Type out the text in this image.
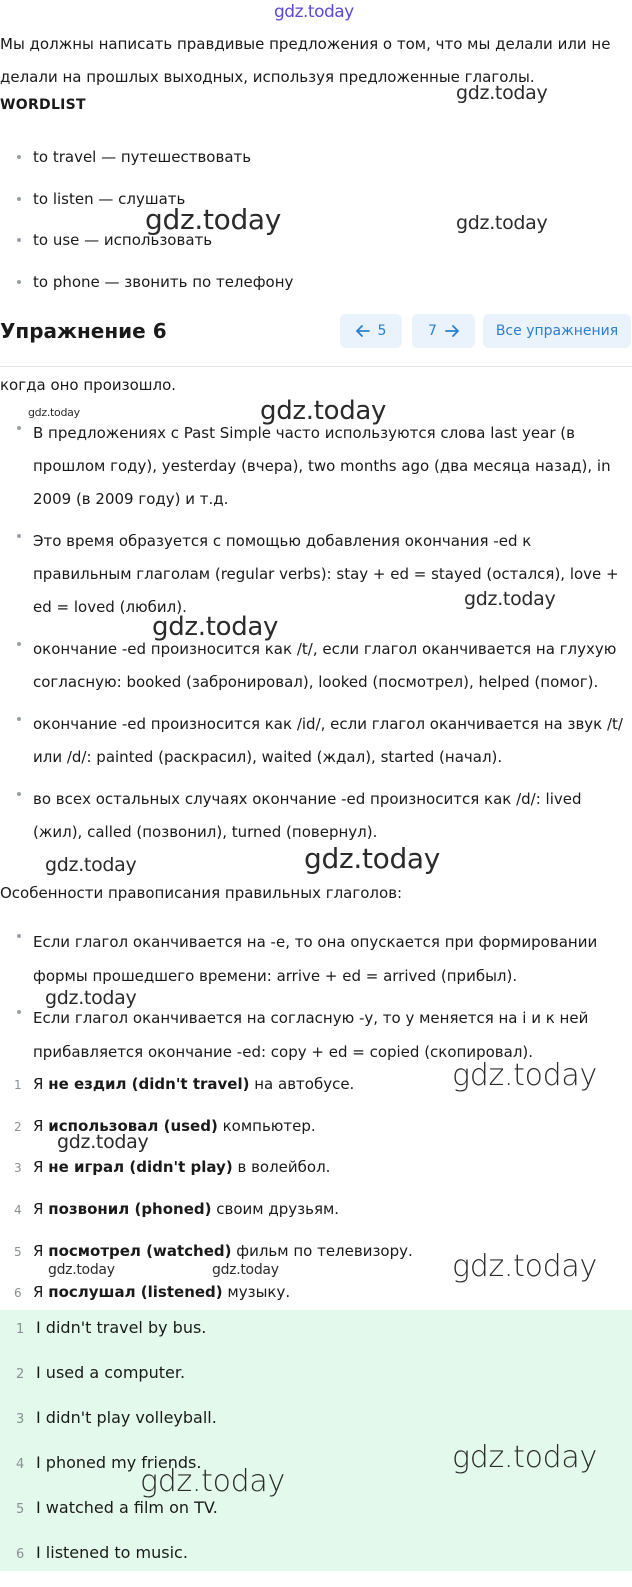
gdz.today
Мы должны написать правдивые предложения о том, что мы делали или не делали на прошлых выходных, используя предложенные глаголы.
WORDLIST
to travel — путешествовать
to listen — слушать
to use — использовать
to phone — звонить по телефону
Упражнение 6	5	7	Все упражнения
когда оно произошло.
В предложениях с Past Simple часто используются слова last year (в прошлом году), yesterday (вчера), two months ago (два месяца назад), in 2009 (в 2009 году) и т.д.
Это время образуется с помощью добавления окончания -ed к правильным глаголам (regular verbs): stay + ed = stayed (остался), love + ed = loved (любил).
окончание -ed произносится как /t/, если глагол оканчивается на глухую согласную: booked (забронировал), looked (посмотрел), helped (помог).
окончание -ed произносится как /id/, если глагол оканчивается на звук /t/ или /d/: painted (раскрасил), waited (ждал), started (начал).
во всех остальных случаях окончание -ed произносится как /d/: lived (жил), called (позвонил), turned (повернул).
Особенности правописания правильных глаголов:
Если глагол оканчивается на -e, то она опускается при формировании формы прошедшего времени: arrive + ed = arrived (прибыл).
Если глагол оканчивается на согласную -y, то y меняется на i и к ней прибавляется окончание -ed: copy + ed = copied (скопировал).
1 Я не ездил (didn't travel) на автобусе.
2 Я использовал (used) компьютер.
3 Я не играл (didn't play) в волейбол.
4 Я позвонил (phoned) своим друзьям.
5 Я посмотрел (watched) фильм по телевизору.
6 Я послушал (listened) музыку.
1 I didn't travel by bus.
2 I used a computer.
3 I didn't play volleyball.
4 I phoned my friends.
5 I watched a film on TV.
6 I listened to music.
gdz.today
gdz.today	gdz.today
gdz.today	gdz.today
gdz.today
gdz.today
gdz.today
gdz.today
gdz.today
gdz.today
gdz.today
gdz.today
gdz.today	gdz.today
gdz.today
gdz.today
